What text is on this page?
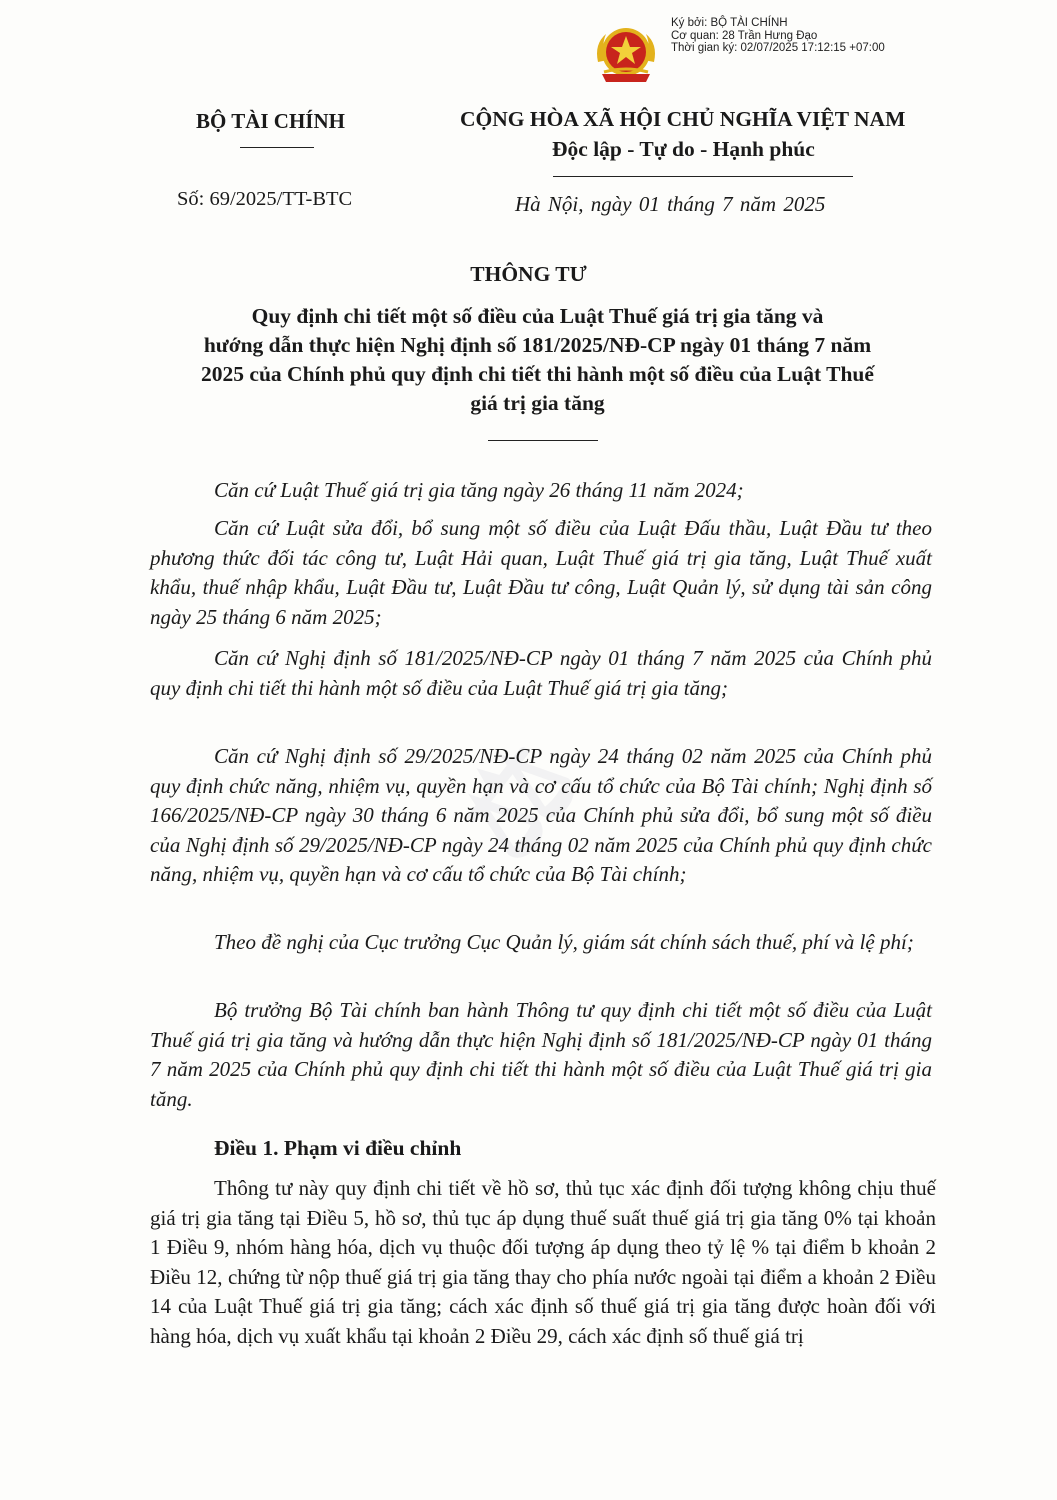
Ký bởi: BỘ TÀI CHÍNH
Cơ quan: 28 Trần Hưng Đạo
Thời gian ký: 02/07/2025 17:12:15 +07:00
BỘ TÀI CHÍNH	CỘNG HÒA XÃ HỘI CHỦ NGHĨA VIỆT NAM
Độc lập - Tự do - Hạnh phúc
Số: 69/2025/TT-BTC	Hà Nội, ngày 01 tháng 7 năm 2025
THÔNG TƯ
Quy định chi tiết một số điều của Luật Thuế giá trị gia tăng và
hướng dẫn thực hiện Nghị định số 181/2025/NĐ-CP ngày 01 tháng 7 năm
2025 của Chính phủ quy định chi tiết thi hành một số điều của Luật Thuế
giá trị gia tăng
⚖
Căn cứ Luật Thuế giá trị gia tăng ngày 26 tháng 11 năm 2024;
Căn cứ Luật sửa đổi, bổ sung một số điều của Luật Đấu thầu, Luật Đầu tư theo phương thức đối tác công tư, Luật Hải quan, Luật Thuế giá trị gia tăng, Luật Thuế xuất khẩu, thuế nhập khẩu, Luật Đầu tư, Luật Đầu tư công, Luật Quản lý, sử dụng tài sản công ngày 25 tháng 6 năm 2025;
Căn cứ Nghị định số 181/2025/NĐ-CP ngày 01 tháng 7 năm 2025 của Chính phủ quy định chi tiết thi hành một số điều của Luật Thuế giá trị gia tăng;
Căn cứ Nghị định số 29/2025/NĐ-CP ngày 24 tháng 02 năm 2025 của Chính phủ quy định chức năng, nhiệm vụ, quyền hạn và cơ cấu tổ chức của Bộ Tài chính; Nghị định số 166/2025/NĐ-CP ngày 30 tháng 6 năm 2025 của Chính phủ sửa đổi, bổ sung một số điều của Nghị định số 29/2025/NĐ-CP ngày 24 tháng 02 năm 2025 của Chính phủ quy định chức năng, nhiệm vụ, quyền hạn và cơ cấu tổ chức của Bộ Tài chính;
Theo đề nghị của Cục trưởng Cục Quản lý, giám sát chính sách thuế, phí và lệ phí;
Bộ trưởng Bộ Tài chính ban hành Thông tư quy định chi tiết một số điều của Luật Thuế giá trị gia tăng và hướng dẫn thực hiện Nghị định số 181/2025/NĐ-CP ngày 01 tháng 7 năm 2025 của Chính phủ quy định chi tiết thi hành một số điều của Luật Thuế giá trị gia tăng.
Điều 1. Phạm vi điều chỉnh
Thông tư này quy định chi tiết về hồ sơ, thủ tục xác định đối tượng không chịu thuế giá trị gia tăng tại Điều 5, hồ sơ, thủ tục áp dụng thuế suất thuế giá trị gia tăng 0% tại khoản 1 Điều 9, nhóm hàng hóa, dịch vụ thuộc đối tượng áp dụng theo tỷ lệ % tại điểm b khoản 2 Điều 12, chứng từ nộp thuế giá trị gia tăng thay cho phía nước ngoài tại điểm a khoản 2 Điều 14 của Luật Thuế giá trị gia tăng; cách xác định số thuế giá trị gia tăng được hoàn đối với hàng hóa, dịch vụ xuất khẩu tại khoản 2 Điều 29, cách xác định số thuế giá trị
